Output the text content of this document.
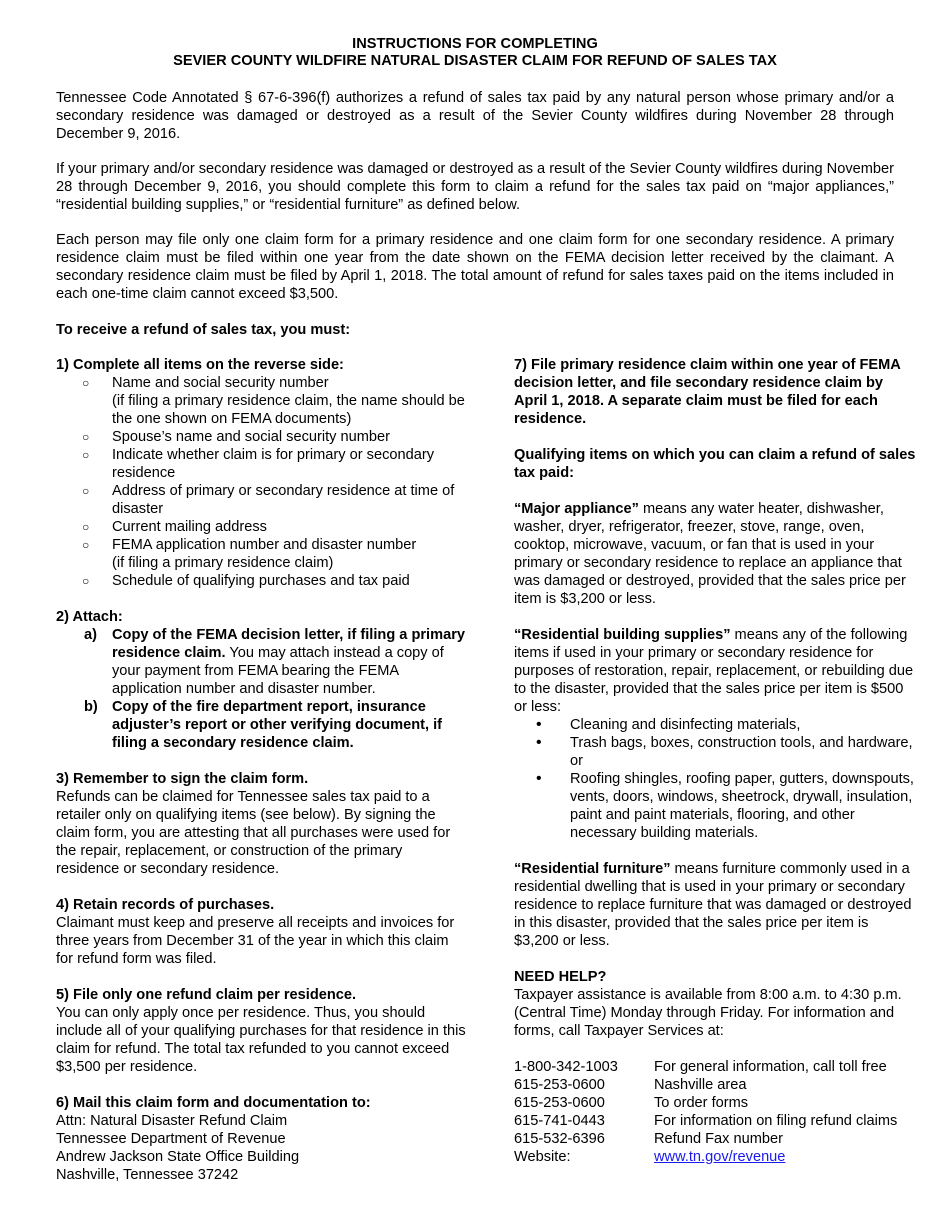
INSTRUCTIONS FOR COMPLETING
SEVIER COUNTY WILDFIRE NATURAL DISASTER CLAIM FOR REFUND OF SALES TAX

Tennessee Code Annotated § 67-6-396(f) authorizes a refund of sales tax paid by any natural person whose primary and/or a secondary residence was damaged or destroyed as a result of the Sevier County wildfires during November 28 through December 9, 2016.

If your primary and/or secondary residence was damaged or destroyed as a result of the Sevier County wildfires during November 28 through December 9, 2016, you should complete this form to claim a refund for the sales tax paid on “major appliances,” “residential building supplies,” or “residential furniture” as defined below.

Each person may file only one claim form for a primary residence and one claim form for one secondary residence. A primary residence claim must be filed within one year from the date shown on the FEMA decision letter received by the claimant. A secondary residence claim must be filed by April 1, 2018. The total amount of refund for sales taxes paid on the items included in each one-time claim cannot exceed $3,500.

To receive a refund of sales tax, you must:

1) Complete all items on the reverse side:
○ Name and social security number
(if filing a primary residence claim, the name should be the one shown on FEMA documents)
○ Spouse’s name and social security number
○ Indicate whether claim is for primary or secondary residence
○ Address of primary or secondary residence at time of disaster
○ Current mailing address
○ FEMA application number and disaster number
(if filing a primary residence claim)
○ Schedule of qualifying purchases and tax paid
2) Attach:
a) Copy of the FEMA decision letter, if filing a primary residence claim. You may attach instead a copy of your payment from FEMA bearing the FEMA application number and disaster number.
b) Copy of the fire department report, insurance adjuster’s report or other verifying document, if filing a secondary residence claim.
3) Remember to sign the claim form.
Refunds can be claimed for Tennessee sales tax paid to a retailer only on qualifying items (see below). By signing the claim form, you are attesting that all purchases were used for the repair, replacement, or construction of the primary residence or secondary residence.
4) Retain records of purchases.
Claimant must keep and preserve all receipts and invoices for three years from December 31 of the year in which this claim for refund form was filed.
5) File only one refund claim per residence.
You can only apply once per residence. Thus, you should include all of your qualifying purchases for that residence in this claim for refund. The total tax refunded to you cannot exceed $3,500 per residence.
6) Mail this claim form and documentation to:
Attn: Natural Disaster Refund Claim
Tennessee Department of Revenue
Andrew Jackson State Office Building
Nashville, Tennessee 37242
7) File primary residence claim within one year of FEMA decision letter, and file secondary residence claim by April 1, 2018. A separate claim must be filed for each residence.
Qualifying items on which you can claim a refund of sales tax paid:
“Major appliance” means any water heater, dishwasher, washer, dryer, refrigerator, freezer, stove, range, oven, cooktop, microwave, vacuum, or fan that is used in your primary or secondary residence to replace an appliance that was damaged or destroyed, provided that the sales price per item is $3,200 or less.
“Residential building supplies” means any of the following items if used in your primary or secondary residence for purposes of restoration, repair, replacement, or rebuilding due to the disaster, provided that the sales price per item is $500 or less:
• Cleaning and disinfecting materials,
• Trash bags, boxes, construction tools, and hardware, or
• Roofing shingles, roofing paper, gutters, downspouts, vents, doors, windows, sheetrock, drywall, insulation, paint and paint materials, flooring, and other necessary building materials.
“Residential furniture” means furniture commonly used in a residential dwelling that is used in your primary or secondary residence to replace furniture that was damaged or destroyed in this disaster, provided that the sales price per item is $3,200 or less.
NEED HELP?
Taxpayer assistance is available from 8:00 a.m. to 4:30 p.m. (Central Time) Monday through Friday. For information and forms, call Taxpayer Services at:
1-800-342-1003	For general information, call toll free
615-253-0600	Nashville area
615-253-0600	To order forms
615-741-0443	For information on filing refund claims
615-532-6396	Refund Fax number
Website:	www.tn.gov/revenue
